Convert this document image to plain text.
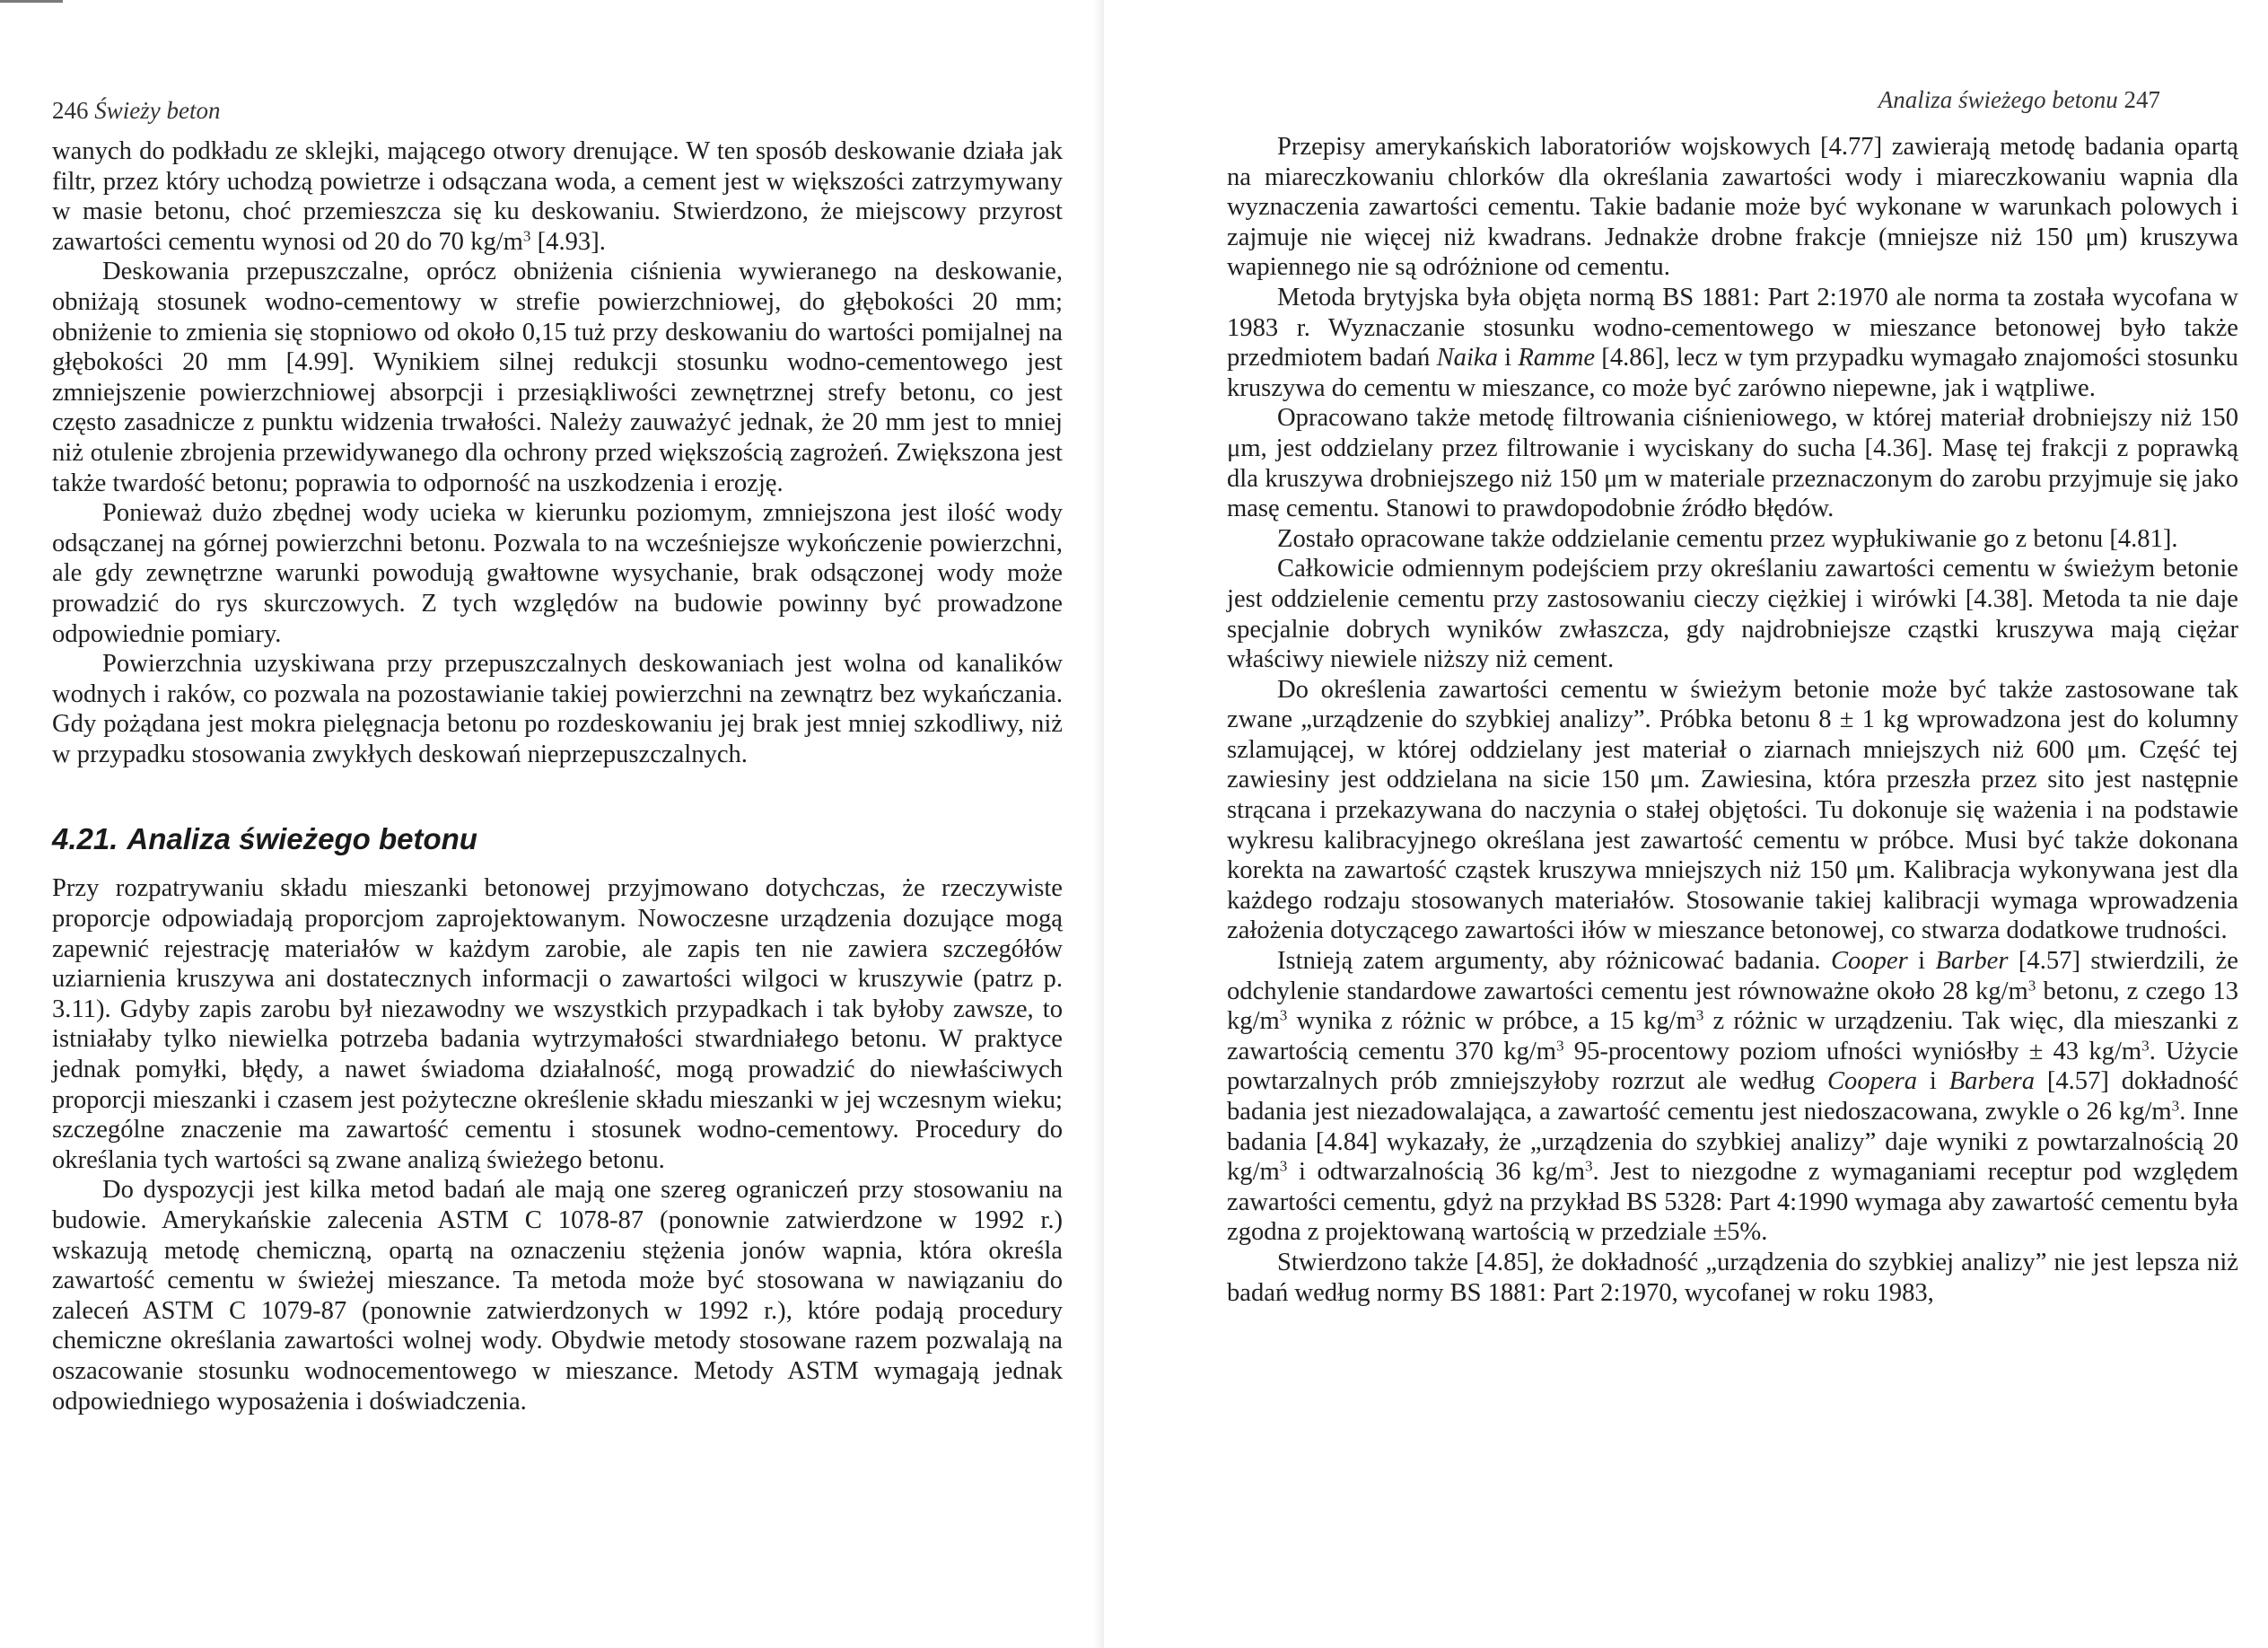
246 Świeży beton

wanych do podkładu ze sklejki, mającego otwory drenujące. W ten sposób deskowanie działa jak filtr, przez który uchodzą powietrze i odsączana woda, a cement jest w większości zatrzymywany w masie betonu, choć przemieszcza się ku deskowaniu. Stwierdzono, że miejscowy przyrost zawartości cementu wynosi od 20 do 70 $kg/m^3$ [4.93].

Deskowania przepuszczalne, oprócz obniżenia ciśnienia wywieranego na deskowanie, obniżają stosunek wodno-cementowy w strefie powierzchniowej, do głębokości 20 mm; obniżenie to zmienia się stopniowo od około 0,15 tuż przy deskowaniu do wartości pomijalnej na głębokości 20 mm [4.99]. Wynikiem silnej redukcji stosunku wodno-cementowego jest zmniejszenie powierzchniowej absorpcji i przesiąkliwości zewnętrznej strefy betonu, co jest często zasadnicze z punktu widzenia trwałości. Należy zauważyć jednak, że 20 mm jest to mniej niż otulenie zbrojenia przewidywanego dla ochrony przed większością zagrożeń. Zwiększona jest także twardość betonu; poprawia to odporność na uszkodzenia i erozję.

Ponieważ dużo zbędnej wody ucieka w kierunku poziomym, zmniejszona jest ilość wody odsączanej na górnej powierzchni betonu. Pozwala to na wcześniejsze wykończenie powierzchni, ale gdy zewnętrzne warunki powodują gwałtowne wysychanie, brak odsączonej wody może prowadzić do rys skurczowych. Z tych względów na budowie powinny być prowadzone odpowiednie pomiary.

Powierzchnia uzyskiwana przy przepuszczalnych deskowaniach jest wolna od kanalików wodnych i raków, co pozwala na pozostawianie takiej powierzchni na zewnątrz bez wykańczania. Gdy pożądana jest mokra pielęgnacja betonu po rozdeskowaniu jej brak jest mniej szkodliwy, niż w przypadku stosowania zwykłych deskowań nieprzepuszczalnych.

4.21. Analiza świeżego betonu

Przy rozpatrywaniu składu mieszanki betonowej przyjmowano dotychczas, że rzeczywiste proporcje odpowiadają proporcjom zaprojektowanym. Nowoczesne urządzenia dozujące mogą zapewnić rejestrację materiałów w każdym zarobie, ale zapis ten nie zawiera szczegółów uziarnienia kruszywa ani dostatecznych informacji o zawartości wilgoci w kruszywie (patrz p. 3.11). Gdyby zapis zarobu był niezawodny we wszystkich przypadkach i tak byłoby zawsze, to istniałaby tylko niewielka potrzeba badania wytrzymałości stwardniałego betonu. W praktyce jednak pomyłki, błędy, a nawet świadoma działalność, mogą prowadzić do niewłaściwych proporcji mieszanki i czasem jest pożyteczne określenie składu mieszanki w jej wczesnym wieku; szczególne znaczenie ma zawartość cementu i stosunek wodno-cementowy. Procedury do określania tych wartości są zwane analizą świeżego betonu.

Do dyspozycji jest kilka metod badań ale mają one szereg ograniczeń przy stosowaniu na budowie. Amerykańskie zalecenia ASTM C 1078-87 (ponownie zatwierdzone w 1992 r.) wskazują metodę chemiczną, opartą na oznaczeniu stężenia jonów wapnia, która określa zawartość cementu w świeżej mieszance. Ta metoda może być stosowana w nawiązaniu do zaleceń ASTM C 1079-87 (ponownie zatwierdzonych w 1992 r.), które podają procedury chemiczne określania zawartości wolnej wody. Obydwie metody stosowane razem pozwalają na oszacowanie stosunku wodnocementowego w mieszance. Metody ASTM wymagają jednak odpowiedniego wyposażenia i doświadczenia.

Analiza świeżego betonu 247

Przepisy amerykańskich laboratoriów wojskowych [4.77] zawierają metodę badania opartą na miareczkowaniu chlorków dla określania zawartości wody i miareczkowaniu wapnia dla wyznaczenia zawartości cementu. Takie badanie może być wykonane w warunkach polowych i zajmuje nie więcej niż kwadrans. Jednakże drobne frakcje (mniejsze niż 150 μm) kruszywa wapiennego nie są odróżnione od cementu.

Metoda brytyjska była objęta normą BS 1881: Part 2:1970 ale norma ta została wycofana w 1983 r. Wyznaczanie stosunku wodno-cementowego w mieszance betonowej było także przedmiotem badań Naika i Ramme [4.86], lecz w tym przypadku wymagało znajomości stosunku kruszywa do cementu w mieszance, co może być zarówno niepewne, jak i wątpliwe.

Opracowano także metodę filtrowania ciśnieniowego, w której materiał drobniejszy niż 150 μm, jest oddzielany przez filtrowanie i wyciskany do sucha [4.36]. Masę tej frakcji z poprawką dla kruszywa drobniejszego niż 150 μm w materiale przeznaczonym do zarobu przyjmuje się jako masę cementu. Stanowi to prawdopodobnie źródło błędów.

Zostało opracowane także oddzielanie cementu przez wypłukiwanie go z betonu [4.81].

Całkowicie odmiennym podejściem przy określaniu zawartości cementu w świeżym betonie jest oddzielenie cementu przy zastosowaniu cieczy ciężkiej i wirówki [4.38]. Metoda ta nie daje specjalnie dobrych wyników zwłaszcza, gdy najdrobniejsze cząstki kruszywa mają ciężar właściwy niewiele niższy niż cement.

Do określenia zawartości cementu w świeżym betonie może być także zastosowane tak zwane „urządzenie do szybkiej analizy”. Próbka betonu 8 ± 1 kg wprowadzona jest do kolumny szlamującej, w której oddzielany jest materiał o ziarnach mniejszych niż 600 μm. Część tej zawiesiny jest oddzielana na sicie 150 μm. Zawiesina, która przeszła przez sito jest następnie strącana i przekazywana do naczynia o stałej objętości. Tu dokonuje się ważenia i na podstawie wykresu kalibracyjnego określana jest zawartość cementu w próbce. Musi być także dokonana korekta na zawartość cząstek kruszywa mniejszych niż 150 μm. Kalibracja wykonywana jest dla każdego rodzaju stosowanych materiałów. Stosowanie takiej kalibracji wymaga wprowadzenia założenia dotyczącego zawartości iłów w mieszance betonowej, co stwarza dodatkowe trudności.

Istnieją zatem argumenty, aby różnicować badania. Cooper i Barber [4.57] stwierdzili, że odchylenie standardowe zawartości cementu jest równoważne około 28 $kg/m^3$ betonu, z czego 13 $kg/m^3$ wynika z różnic w próbce, a 15 $kg/m^3$ z różnic w urządzeniu. Tak więc, dla mieszanki z zawartością cementu 370 $kg/m^3$ 95-procentowy poziom ufności wyniósłby ± 43 $kg/m^3$. Użycie powtarzalnych prób zmniejszyłoby rozrzut ale według Coopera i Barbera [4.57] dokładność badania jest niezadowalająca, a zawartość cementu jest niedoszacowana, zwykle o 26 $kg/m^3$. Inne badania [4.84] wykazały, że „urządzenia do szybkiej analizy” daje wyniki z powtarzalnością 20 $kg/m^3$ i odtwarzalnością 36 $kg/m^3$. Jest to niezgodne z wymaganiami receptur pod względem zawartości cementu, gdyż na przykład BS 5328: Part 4:1990 wymaga aby zawartość cementu była zgodna z projektowaną wartością w przedziale ±5%.

Stwierdzono także [4.85], że dokładność „urządzenia do szybkiej analizy” nie jest lepsza niż badań według normy BS 1881: Part 2:1970, wycofanej w roku 1983,
